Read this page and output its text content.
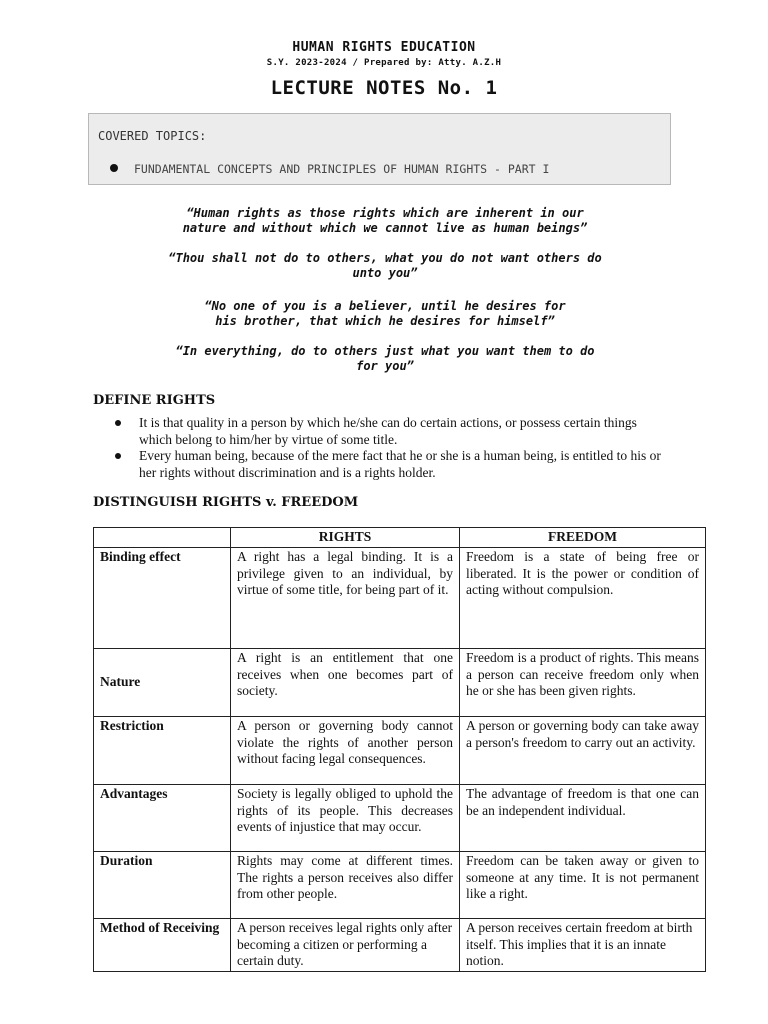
HUMAN RIGHTS EDUCATION
S.Y. 2023-2024 / Prepared by: Atty. A.Z.H
LECTURE NOTES No. 1
COVERED TOPICS:
FUNDAMENTAL CONCEPTS AND PRINCIPLES OF HUMAN RIGHTS - PART I
“Human rights as those rights which are inherent in our
nature and without which we cannot live as human beings”
“Thou shall not do to others, what you do not want others do
unto you”
“No one of you is a believer, until he desires for
his brother, that which he desires for himself”
“In everything, do to others just what you want them to do
for you”
DEFINE RIGHTS
It is that quality in a person by which he/she can do certain actions, or possess certain things which belong to him/her by virtue of some title.
Every human being, because of the mere fact that he or she is a human being, is entitled to his or her rights without discrimination and is a rights holder.
DISTINGUISH RIGHTS v. FREEDOM
	RIGHTS	FREEDOM
Binding effect	A right has a legal binding. It is a privilege given to an individual, by virtue of some title, for being part of it.	Freedom is a state of being free or liberated. It is the power or condition of acting without compulsion.
Nature	A right is an entitlement that one receives when one becomes part of society.	Freedom is a product of rights. This means a person can receive freedom only when he or she has been given rights.
Restriction	A person or governing body cannot violate the rights of another person without facing legal consequences.	A person or governing body can take away a person's freedom to carry out an activity.
Advantages	Society is legally obliged to uphold the rights of its people. This decreases events of injustice that may occur.	The advantage of freedom is that one can be an independent individual.
Duration	Rights may come at different times. The rights a person receives also differ from other people.	Freedom can be taken away or given to someone at any time. It is not permanent like a right.
Method of Receiving	A person receives legal rights only after becoming a citizen or performing a certain duty.	A person receives certain freedom at birth itself. This implies that it is an innate notion.
